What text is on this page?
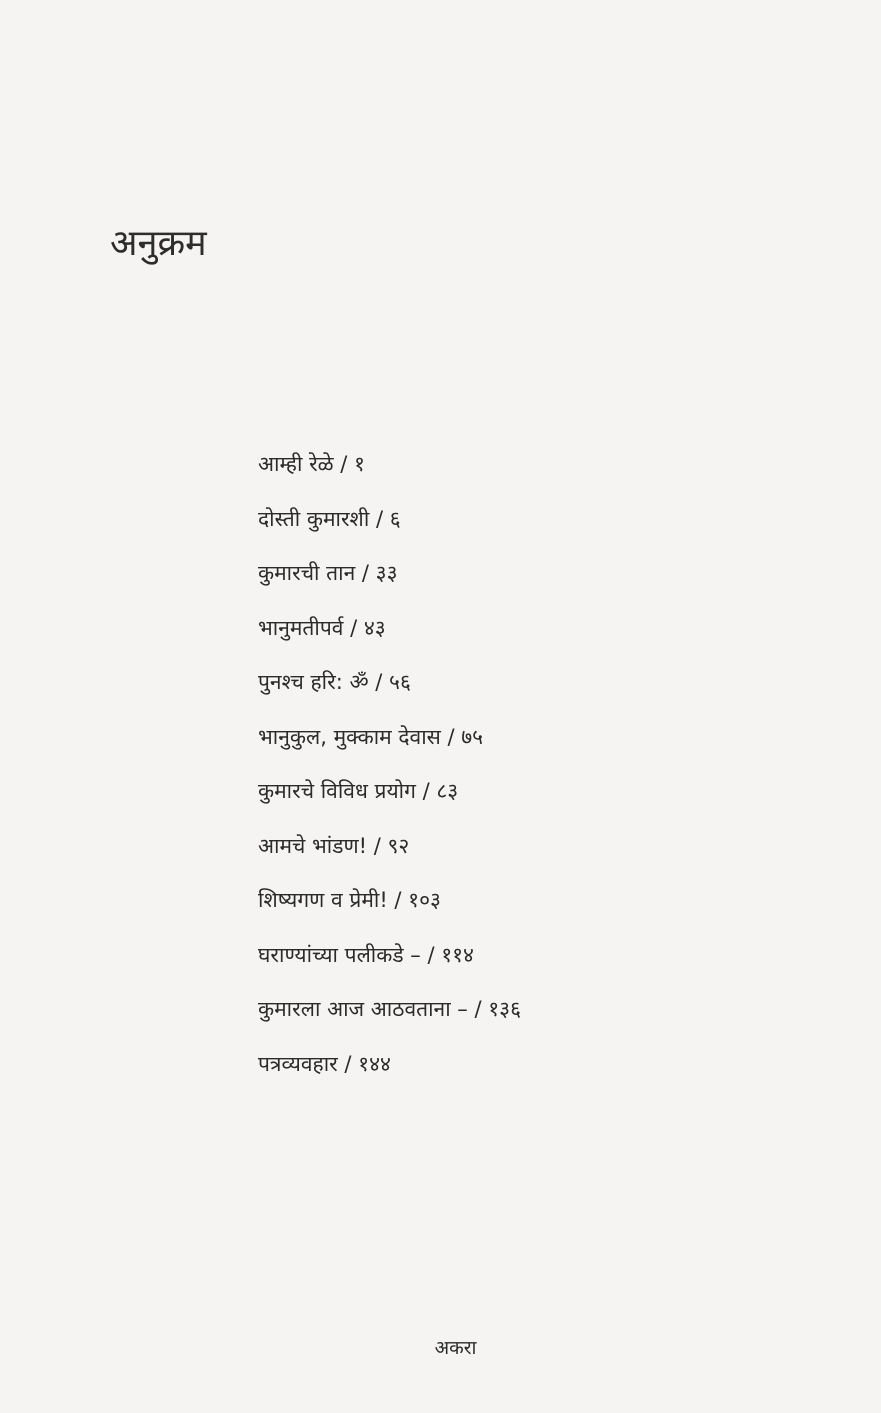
अनुक्रम
आम्ही रेळे / १
दोस्ती कुमारशी / ६
कुमारची तान / ३३
भानुमतीपर्व / ४३
पुनश्च हरि: ॐ / ५६
भानुकुल, मुक्काम देवास / ७५
कुमारचे विविध प्रयोग / ८३
आमचे भांडण! / ९२
शिष्यगण व प्रेमी! / १०३
घराण्यांच्या पलीकडे – / ११४
कुमारला आज आठवताना – / १३६
पत्रव्यवहार / १४४
अकरा
